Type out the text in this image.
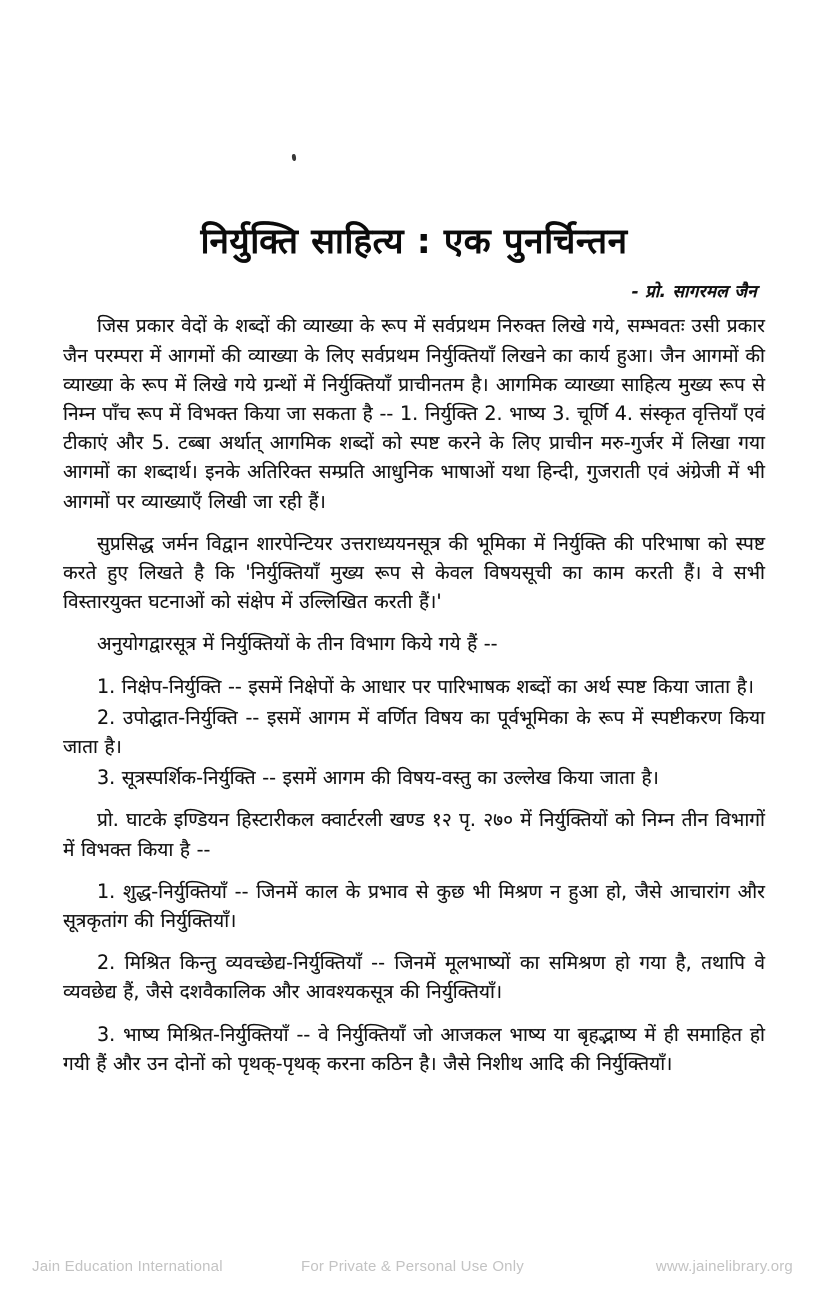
निर्युक्ति साहित्य : एक पुनर्चिन्तन

- प्रो. सागरमल जैन

जिस प्रकार वेदों के शब्दों की व्याख्या के रूप में सर्वप्रथम निरुक्त लिखे गये, सम्भवतः उसी प्रकार जैन परम्परा में आगमों की व्याख्या के लिए सर्वप्रथम निर्युक्तियाँ लिखने का कार्य हुआ। जैन आगमों की व्याख्या के रूप में लिखे गये ग्रन्थों में निर्युक्तियाँ प्राचीनतम है। आगमिक व्याख्या साहित्य मुख्य रूप से निम्न पाँच रूप में विभक्त किया जा सकता है -- 1. निर्युक्ति 2. भाष्य 3. चूर्णि 4. संस्कृत वृत्तियाँ एवं टीकाएं और 5. टब्बा अर्थात् आगमिक शब्दों को स्पष्ट करने के लिए प्राचीन मरु-गुर्जर में लिखा गया आगमों का शब्दार्थ। इनके अतिरिक्त सम्प्रति आधुनिक भाषाओं यथा हिन्दी, गुजराती एवं अंग्रेजी में भी आगमों पर व्याख्याएँ लिखी जा रही हैं।

सुप्रसिद्ध जर्मन विद्वान शारपेन्टियर उत्तराध्ययनसूत्र की भूमिका में निर्युक्ति की परिभाषा को स्पष्ट करते हुए लिखते है कि 'निर्युक्तियाँ मुख्य रूप से केवल विषयसूची का काम करती हैं। वे सभी विस्तारयुक्त घटनाओं को संक्षेप में उल्लिखित करती हैं।'

अनुयोगद्वारसूत्र में निर्युक्तियों के तीन विभाग किये गये हैं --

1. निक्षेप-निर्युक्ति -- इसमें निक्षेपों के आधार पर पारिभाषक शब्दों का अर्थ स्पष्ट किया जाता है।

2. उपोद्घात-निर्युक्ति -- इसमें आगम में वर्णित विषय का पूर्वभूमिका के रूप में स्पष्टीकरण किया जाता है।

3. सूत्रस्पर्शिक-निर्युक्ति -- इसमें आगम की विषय-वस्तु का उल्लेख किया जाता है।

प्रो. घाटके इण्डियन हिस्टारीकल क्वार्टरली खण्ड १२ पृ. २७० में निर्युक्तियों को निम्न तीन विभागों में विभक्त किया है --

1. शुद्ध-निर्युक्तियाँ -- जिनमें काल के प्रभाव से कुछ भी मिश्रण न हुआ हो, जैसे आचारांग और सूत्रकृतांग की निर्युक्तियाँ।

2. मिश्रित किन्तु व्यवच्छेद्य-निर्युक्तियाँ -- जिनमें मूलभाष्यों का समिश्रण हो गया है, तथापि वे व्यवछेद्य हैं, जैसे दशवैकालिक और आवश्यकसूत्र की निर्युक्तियाँ।

3. भाष्य मिश्रित-निर्युक्तियाँ -- वे निर्युक्तियाँ जो आजकल भाष्य या बृहद्भाष्य में ही समाहित हो गयी हैं और उन दोनों को पृथक्-पृथक् करना कठिन है। जैसे निशीथ आदि की निर्युक्तियाँ।

Jain Education International	For Private & Personal Use Only	www.jainelibrary.org
